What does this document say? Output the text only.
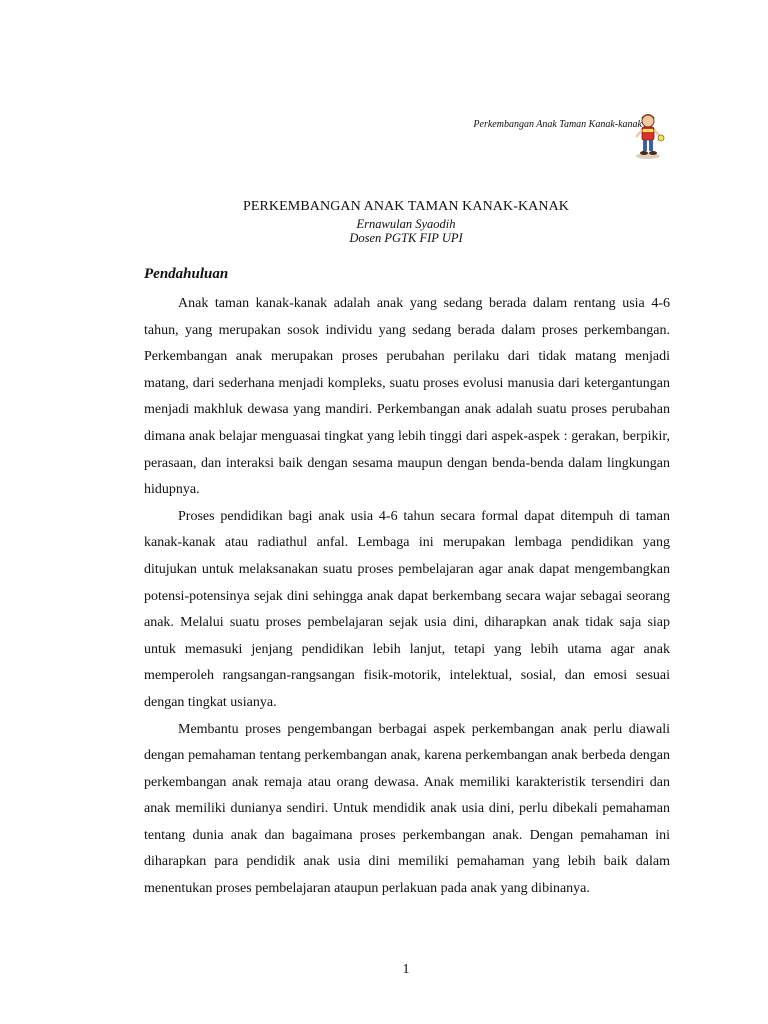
Perkembangan Anak Taman Kanak-kanak
PERKEMBANGAN ANAK TAMAN KANAK-KANAK
Ernawulan Syaodih
Dosen PGTK FIP UPI
Pendahuluan

Anak taman kanak-kanak adalah anak yang sedang berada dalam rentang usia 4-6 tahun, yang merupakan sosok individu yang sedang berada dalam proses perkembangan. Perkembangan anak merupakan proses perubahan perilaku dari tidak matang menjadi matang, dari sederhana menjadi kompleks, suatu proses evolusi manusia dari ketergantungan menjadi makhluk dewasa yang mandiri. Perkembangan anak adalah suatu proses perubahan dimana anak belajar menguasai tingkat yang lebih tinggi dari aspek-aspek : gerakan, berpikir, perasaan, dan interaksi baik dengan sesama maupun dengan benda-benda dalam lingkungan hidupnya.

Proses pendidikan bagi anak usia 4-6 tahun secara formal dapat ditempuh di taman kanak-kanak atau radiathul anfal. Lembaga ini merupakan lembaga pendidikan yang ditujukan untuk melaksanakan suatu proses pembelajaran agar anak dapat mengembangkan potensi-potensinya sejak dini sehingga anak dapat berkembang secara wajar sebagai seorang anak. Melalui suatu proses pembelajaran sejak usia dini, diharapkan anak tidak saja siap untuk memasuki jenjang pendidikan lebih lanjut, tetapi yang lebih utama agar anak memperoleh rangsangan-rangsangan fisik-motorik, intelektual, sosial, dan emosi sesuai dengan tingkat usianya.

Membantu proses pengembangan berbagai aspek perkembangan anak perlu diawali dengan pemahaman tentang perkembangan anak, karena perkembangan anak berbeda dengan perkembangan anak remaja atau orang dewasa. Anak memiliki karakteristik tersendiri dan anak memiliki dunianya sendiri. Untuk mendidik anak usia dini, perlu dibekali pemahaman tentang dunia anak dan bagaimana proses perkembangan anak. Dengan pemahaman ini diharapkan para pendidik anak usia dini memiliki pemahaman yang lebih baik dalam menentukan proses pembelajaran ataupun perlakuan pada anak yang dibinanya.

1
